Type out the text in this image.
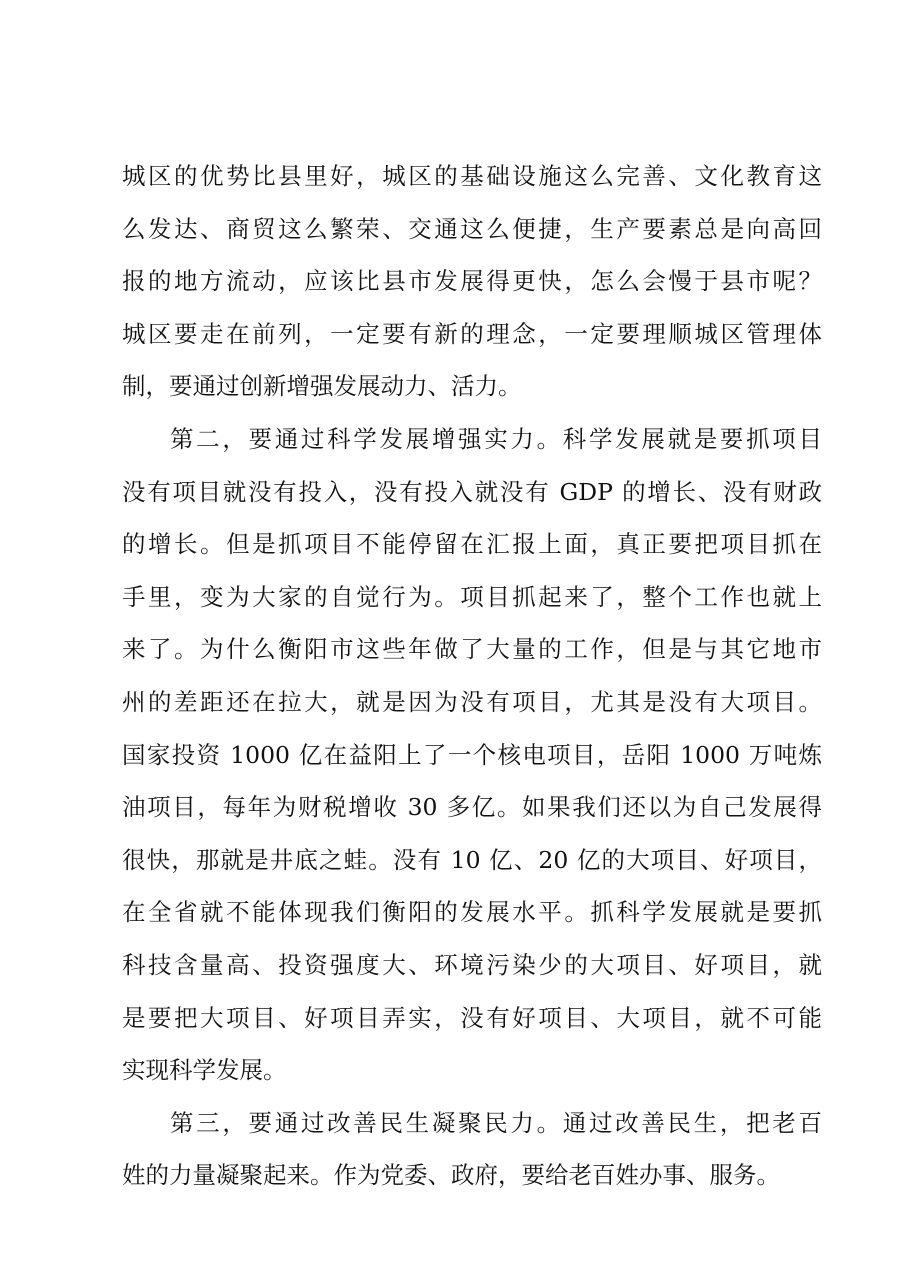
城区的优势比县里好，城区的基础设施这么完善、文化教育这
么发达、商贸这么繁荣、交通这么便捷，生产要素总是向高回
报的地方流动，应该比县市发展得更快，怎么会慢于县市呢？
城区要走在前列，一定要有新的理念，一定要理顺城区管理体
制，要通过创新增强发展动力、活力。
第二，要通过科学发展增强实力。科学发展就是要抓项目
没有项目就没有投入，没有投入就没有 GDP 的增长、没有财政
的增长。但是抓项目不能停留在汇报上面，真正要把项目抓在
手里，变为大家的自觉行为。项目抓起来了，整个工作也就上
来了。为什么衡阳市这些年做了大量的工作，但是与其它地市
州的差距还在拉大，就是因为没有项目，尤其是没有大项目。
国家投资 1000 亿在益阳上了一个核电项目，岳阳 1000 万吨炼
油项目，每年为财税增收 30 多亿。如果我们还以为自己发展得
很快，那就是井底之蛙。没有 10 亿、20 亿的大项目、好项目，
在全省就不能体现我们衡阳的发展水平。抓科学发展就是要抓
科技含量高、投资强度大、环境污染少的大项目、好项目，就
是要把大项目、好项目弄实，没有好项目、大项目，就不可能
实现科学发展。
第三，要通过改善民生凝聚民力。通过改善民生，把老百
姓的力量凝聚起来。作为党委、政府，要给老百姓办事、服务。
